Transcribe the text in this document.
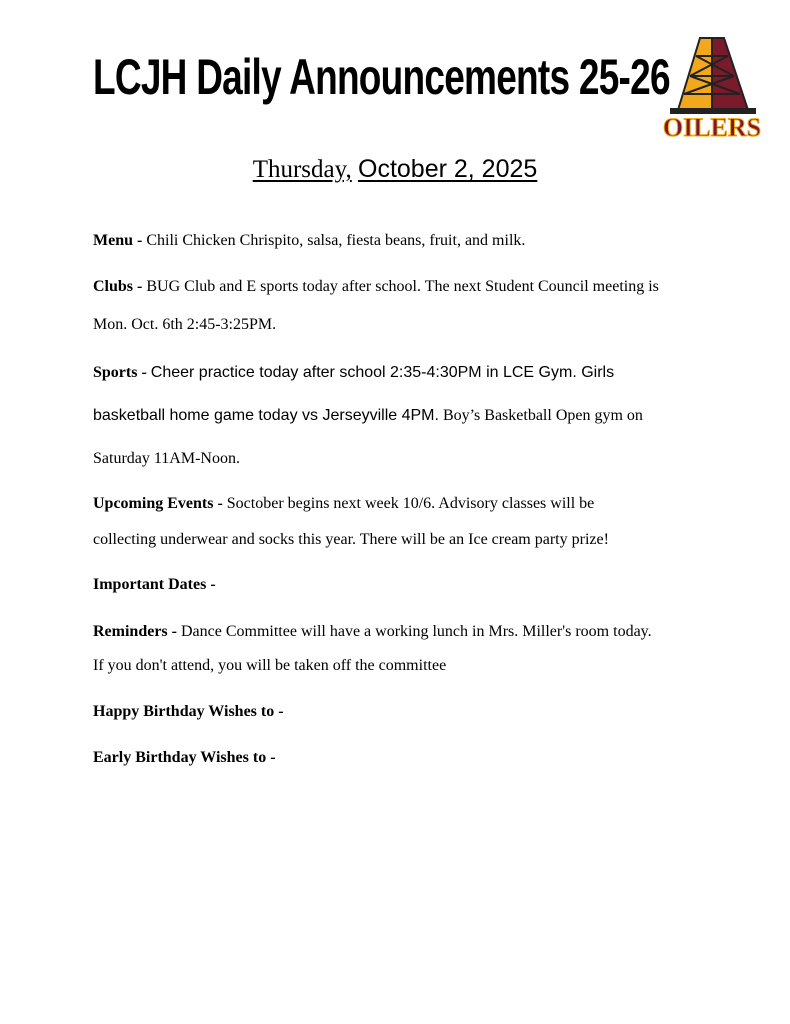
LCJH Daily Announcements 25-26
OILERS
Thursday, October 2, 2025
Menu - Chili Chicken Chrispito, salsa, fiesta beans, fruit, and milk.
Clubs - BUG Club and E sports today after school. The next Student Council meeting is
Mon. Oct. 6th 2:45-3:25PM.
Sports - Cheer practice today after school 2:35-4:30PM in LCE Gym. Girls
basketball home game today vs Jerseyville 4PM. Boy’s Basketball Open gym on
Saturday 11AM-Noon.
Upcoming Events - Soctober begins next week 10/6. Advisory classes will be
collecting underwear and socks this year. There will be an Ice cream party prize!
Important Dates -
Reminders - Dance Committee will have a working lunch in Mrs. Miller's room today.
If you don't attend, you will be taken off the committee
Happy Birthday Wishes to -
Early Birthday Wishes to -
